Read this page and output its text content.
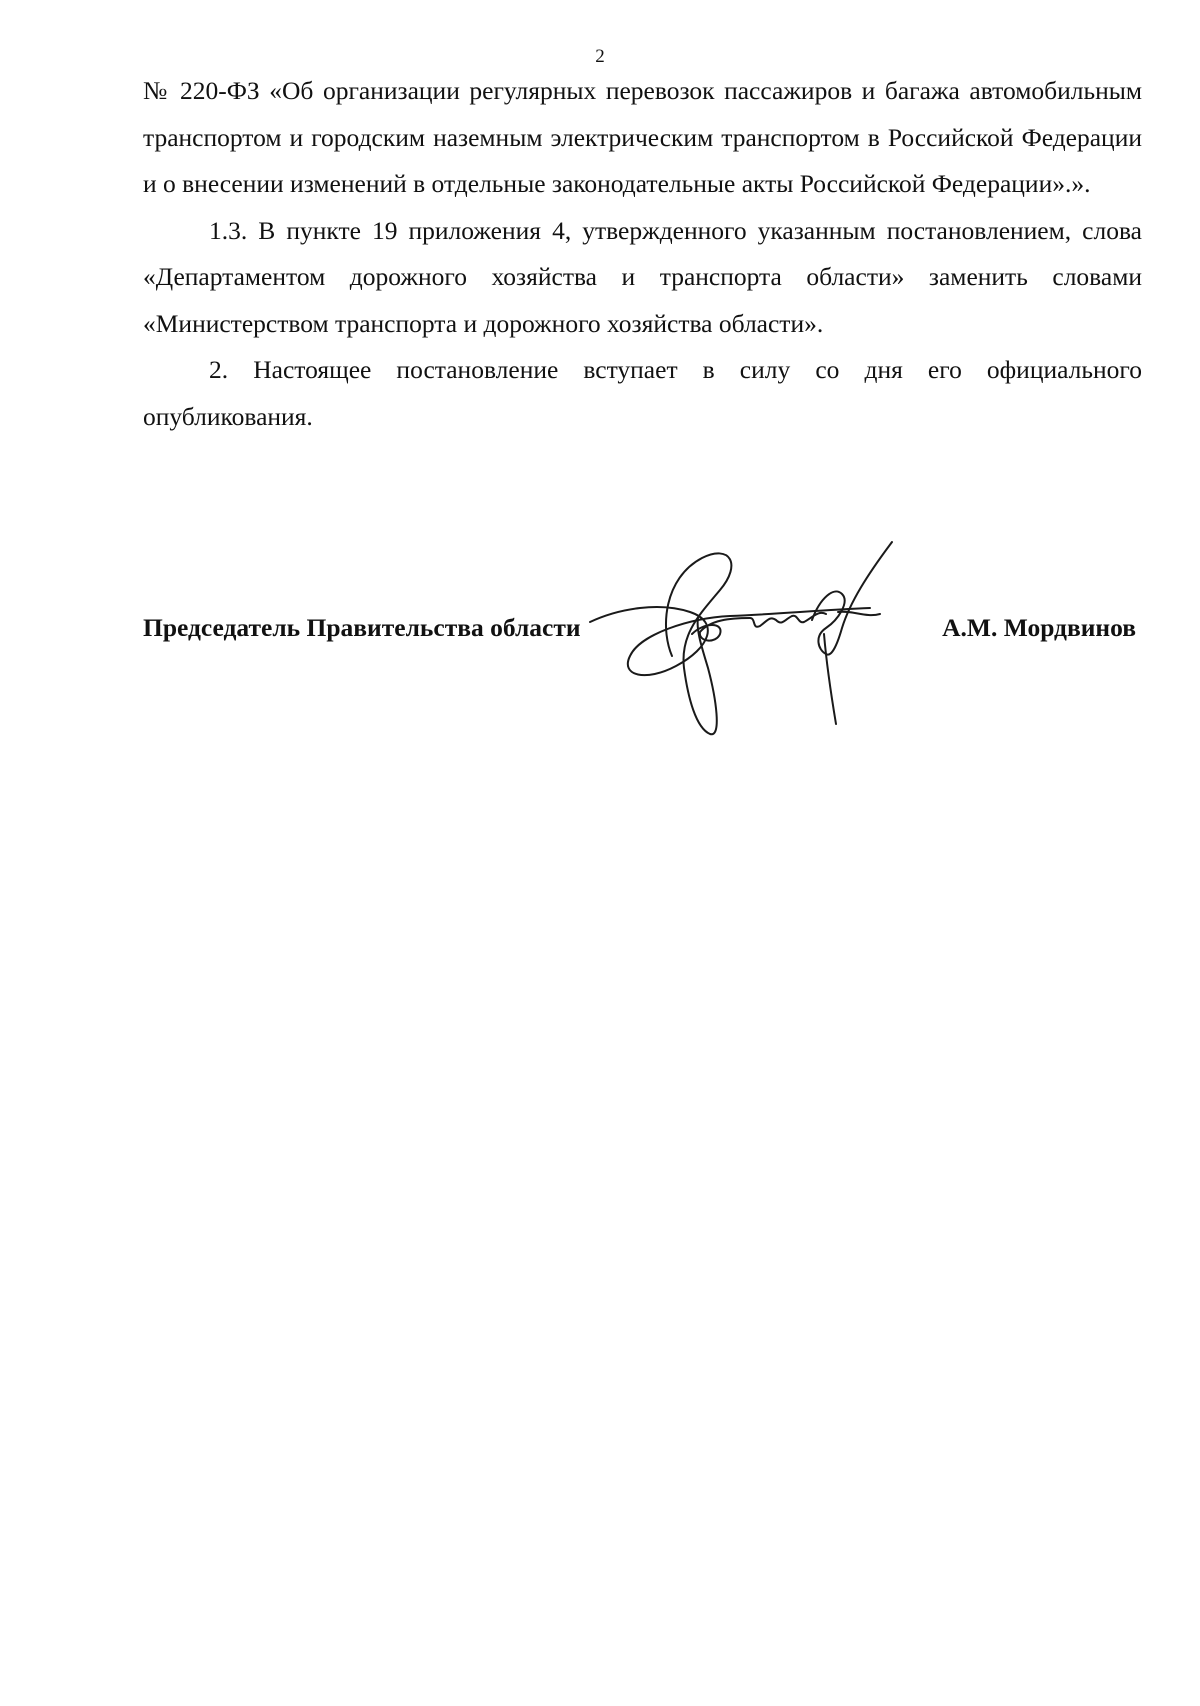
2

№ 220-ФЗ «Об организации регулярных перевозок пассажиров и багажа автомобильным транспортом и городским наземным электрическим транспортом в Российской Федерации и о внесении изменений в отдельные законодательные акты Российской Федерации».».

1.3. В пункте 19 приложения 4, утвержденного указанным постановлением, слова «Департаментом дорожного хозяйства и транспорта области» заменить словами «Министерством транспорта и дорожного хозяйства области».

2. Настоящее постановление вступает в силу со дня его официального опубликования.

Председатель Правительства области	А.М. Мордвинов
